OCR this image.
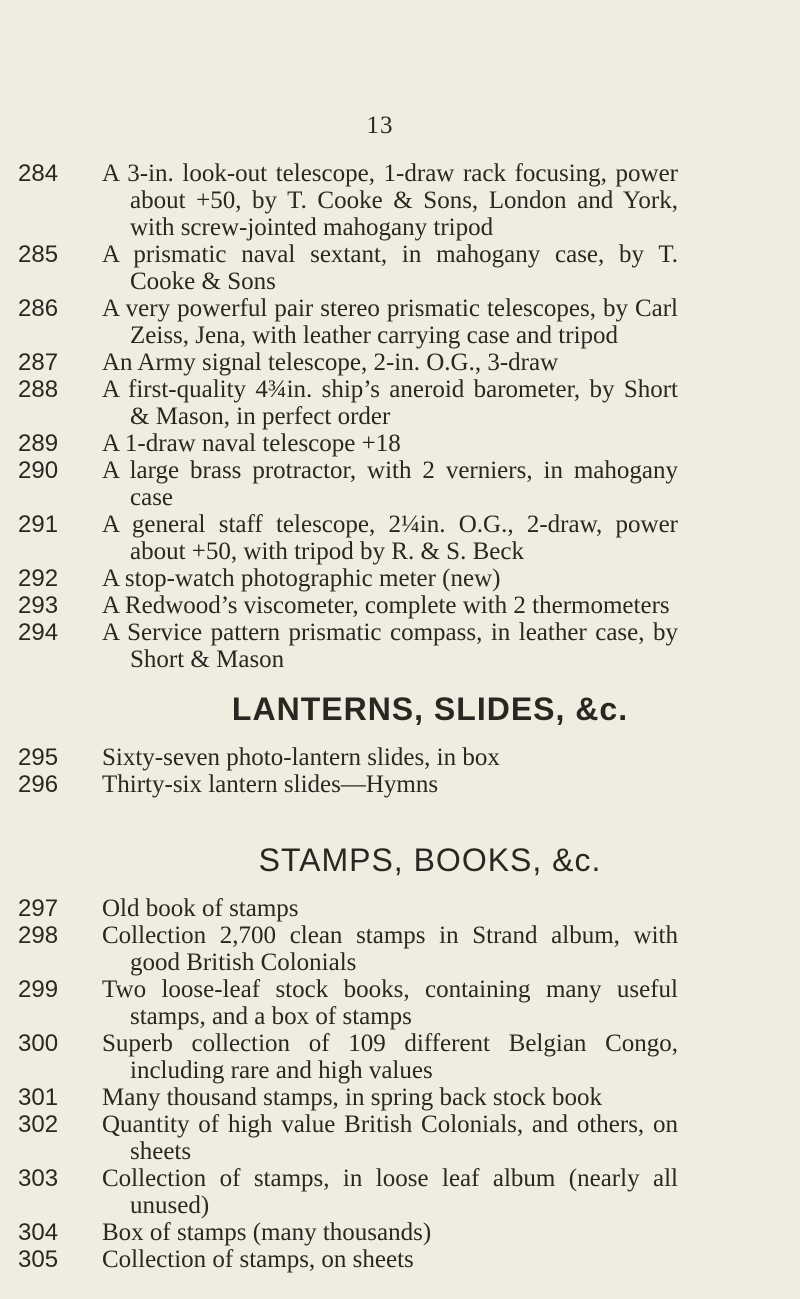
13
284	A 3-in. look-out telescope, 1-draw rack focusing, power about +50, by T. Cooke & Sons, London and York, with screw-jointed mahogany tripod
285	A prismatic naval sextant, in mahogany case, by T. Cooke & Sons
286	A very powerful pair stereo prismatic telescopes, by Carl Zeiss, Jena, with leather carrying case and tripod
287	An Army signal telescope, 2-in. O.G., 3-draw
288	A first-quality 4¾in. ship’s aneroid barometer, by Short & Mason, in perfect order
289	A 1-draw naval telescope +18
290	A large brass protractor, with 2 verniers, in mahogany case
291	A general staff telescope, 2¼in. O.G., 2-draw, power about +50, with tripod by R. & S. Beck
292	A stop-watch photographic meter (new)
293	A Redwood’s viscometer, complete with 2 thermometers
294	A Service pattern prismatic compass, in leather case, by Short & Mason
LANTERNS, SLIDES, &c.
295	Sixty-seven photo-lantern slides, in box
296	Thirty-six lantern slides—Hymns
STAMPS, BOOKS, &c.
297	Old book of stamps
298	Collection 2,700 clean stamps in Strand album, with good British Colonials
299	Two loose-leaf stock books, containing many useful stamps, and a box of stamps
300	Superb collection of 109 different Belgian Congo, including rare and high values
301	Many thousand stamps, in spring back stock book
302	Quantity of high value British Colonials, and others, on sheets
303	Collection of stamps, in loose leaf album (nearly all unused)
304	Box of stamps (many thousands)
305	Collection of stamps, on sheets
